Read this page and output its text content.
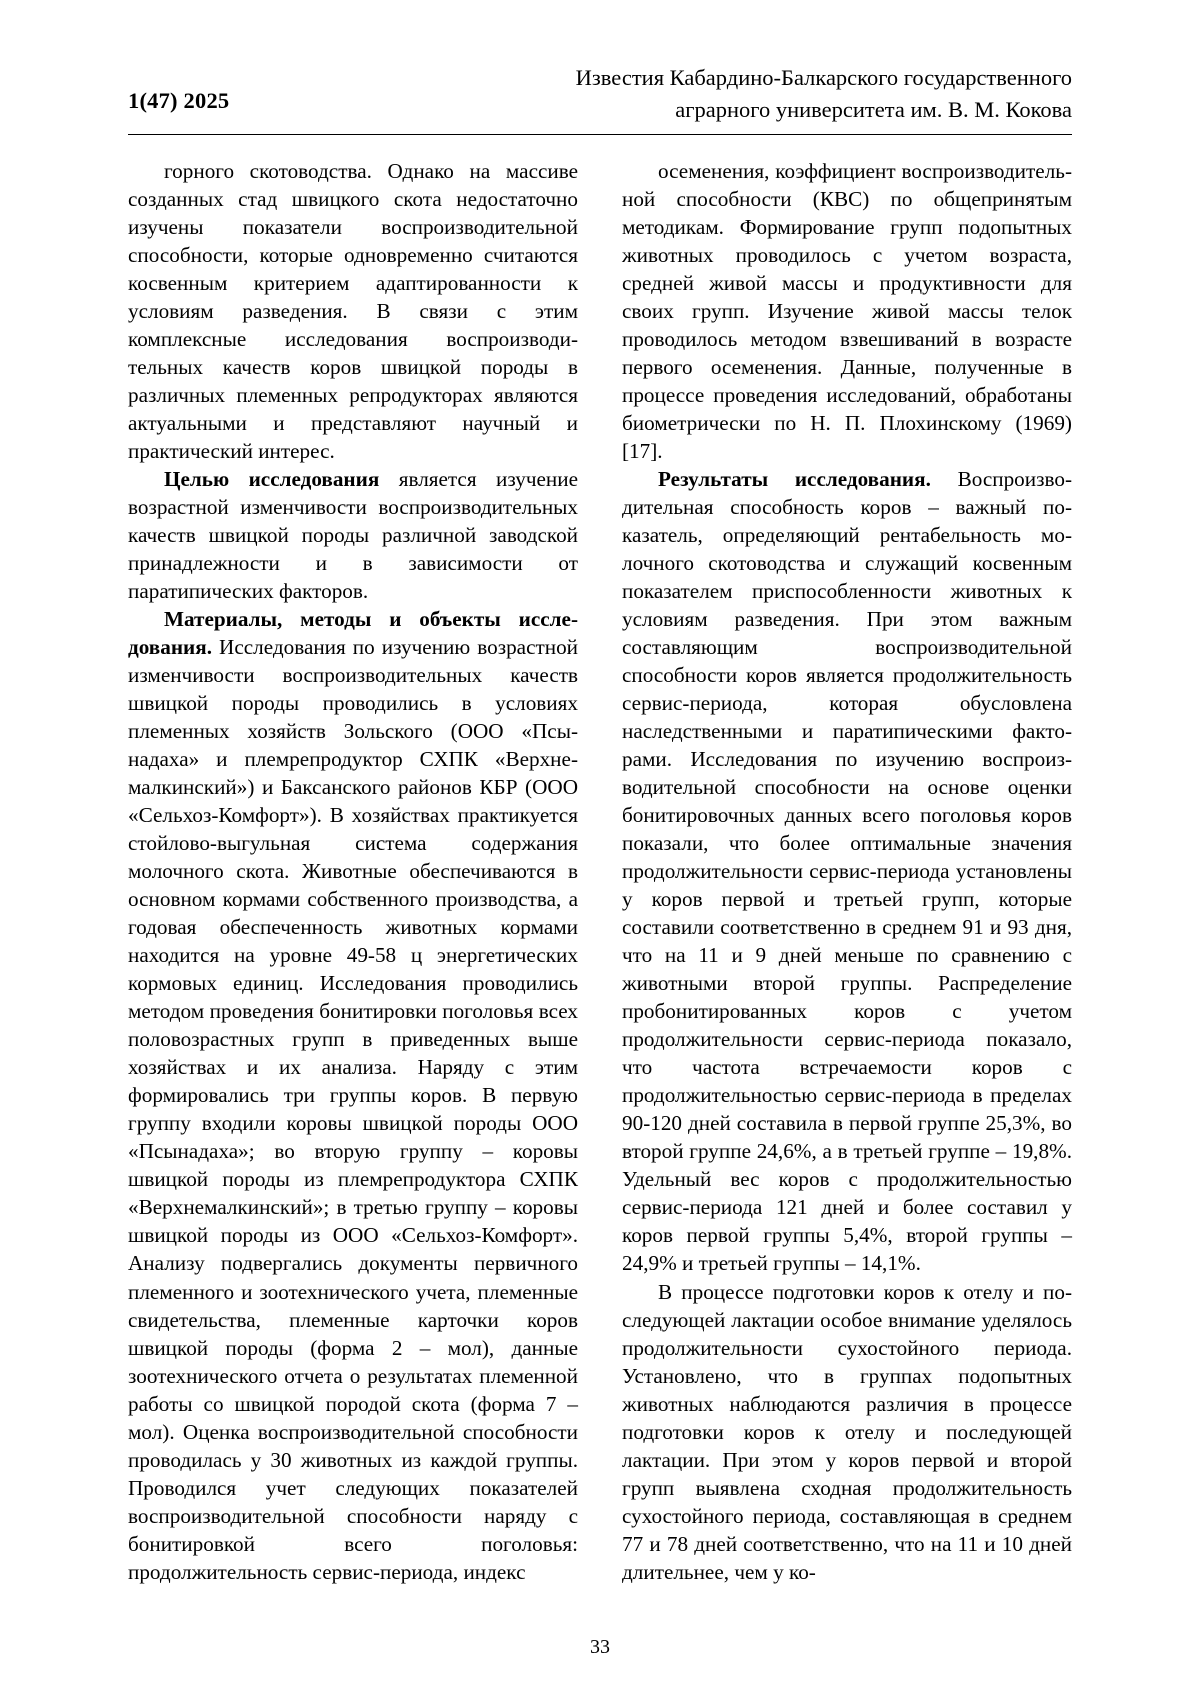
1(47) 2025
Известия Кабардино-Балкарского государственного
аграрного университета им. В. М. Кокова

горного скотоводства. Однако на массиве созданных стад швицкого скота недостаточно изучены показатели воспроизводительной способности, которые одновременно считаются косвенным критерием адаптированности к условиям разведения. В связи с этим комплексные исследования воспроизводительных качеств коров швицкой породы в различных племенных репродукторах являются актуальными и представляют научный и практический интерес.

Целью исследования является изучение возрастной изменчивости воспроизводительных качеств швицкой породы различной заводской принадлежности и в зависимости от паратипических факторов.

Материалы, методы и объекты исследования. Исследования по изучению возрастной изменчивости воспроизводительных качеств швицкой породы проводились в условиях племенных хозяйств Зольского (ООО «Псынадаха» и племрепродуктор СХПК «Верхнемалкинский») и Баксанского районов КБР (ООО «Сельхоз-Комфорт»). В хозяйствах практикуется стойлово-выгульная система содержания молочного скота. Животные обеспечиваются в основном кормами собственного производства, а годовая обеспеченность животных кормами находится на уровне 49-58 ц энергетических кормовых единиц. Исследования проводились методом проведения бонитировки поголовья всех половозрастных групп в приведенных выше хозяйствах и их анализа. Наряду с этим формировались три группы коров. В первую группу входили коровы швицкой породы ООО «Псынадаха»; во вторую группу – коровы швицкой породы из племрепродуктора СХПК «Верхнемалкинский»; в третью группу – коровы швицкой породы из ООО «Сельхоз-Комфорт». Анализу подвергались документы первичного племенного и зоотехнического учета, племенные свидетельства, племенные карточки коров швицкой породы (форма 2 – мол), данные зоотехнического отчета о результатах племенной работы со швицкой породой скота (форма 7 –мол). Оценка воспроизводительной способности проводилась у 30 животных из каждой группы. Проводился учет следующих показателей воспроизводительной способности наряду с бонитировкой всего поголовья: продолжительность сервис-периода, индекс

осеменения, коэффициент воспроизводительной способности (КВС) по общепринятым методикам. Формирование групп подопытных животных проводилось с учетом возраста, средней живой массы и продуктивности для своих групп. Изучение живой массы телок проводилось методом взвешиваний в возрасте первого осеменения. Данные, полученные в процессе проведения исследований, обработаны биометрически по Н. П. Плохинскому (1969) [17].

Результаты исследования. Воспроизводительная способность коров – важный показатель, определяющий рентабельность молочного скотоводства и служащий косвенным показателем приспособленности животных к условиям разведения. При этом важным составляющим воспроизводительной способности коров является продолжительность сервис-периода, которая обусловлена наследственными и паратипическими факторами. Исследования по изучению воспроизводительной способности на основе оценки бонитировочных данных всего поголовья коров показали, что более оптимальные значения продолжительности сервис-периода установлены у коров первой и третьей групп, которые составили соответственно в среднем 91 и 93 дня, что на 11 и 9 дней меньше по сравнению с животными второй группы. Распределение пробонитированных коров с учетом продолжительности сервис-периода показало, что частота встречаемости коров с продолжительностью сервис-периода в пределах 90-120 дней составила в первой группе 25,3%, во второй группе 24,6%, а в третьей группе – 19,8%. Удельный вес коров с продолжительностью сервис-периода 121 дней и более составил у коров первой группы 5,4%, второй группы – 24,9% и третьей группы – 14,1%.

В процессе подготовки коров к отелу и последующей лактации особое внимание уделялось продолжительности сухостойного периода. Установлено, что в группах подопытных животных наблюдаются различия в процессе подготовки коров к отелу и последующей лактации. При этом у коров первой и второй групп выявлена сходная продолжительность сухостойного периода, составляющая в среднем 77 и 78 дней соответственно, что на 11 и 10 дней длительнее, чем у ко-

33
